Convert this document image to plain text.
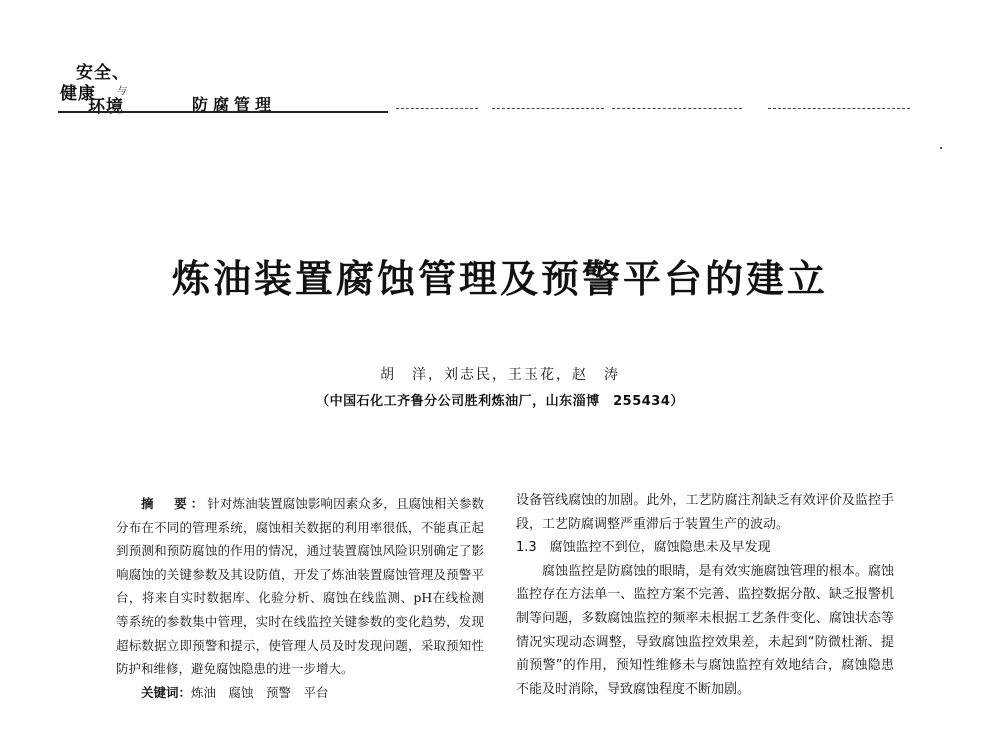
安全、
健康 与
环境	防腐管理
炼油装置腐蚀管理及预警平台的建立
胡　洋，刘志民，王玉花，赵　涛
（中国石化工齐鲁分公司胜利炼油厂，山东淄博　255434）

摘　要：针对炼油装置腐蚀影响因素众多，且腐蚀相关参数分布在不同的管理系统，腐蚀相关数据的利用率很低，不能真正起到预测和预防腐蚀的作用的情况，通过装置腐蚀风险识别确定了影响腐蚀的关键参数及其设防值，开发了炼油装置腐蚀管理及预警平台，将来自实时数据库、化验分析、腐蚀在线监测、pH在线检测等系统的参数集中管理，实时在线监控关键参数的变化趋势，发现超标数据立即预警和提示，使管理人员及时发现问题，采取预知性防护和维修，避免腐蚀隐患的进一步增大。

关键词：炼油　腐蚀　预警　平台

设备管线腐蚀的加剧。此外，工艺防腐注剂缺乏有效评价及监控手段，工艺防腐调整严重滞后于装置生产的波动。

1.3　腐蚀监控不到位，腐蚀隐患未及早发现

腐蚀监控是防腐蚀的眼睛，是有效实施腐蚀管理的根本。腐蚀监控存在方法单一、监控方案不完善、监控数据分散、缺乏报警机制等问题，多数腐蚀监控的频率未根据工艺条件变化、腐蚀状态等情况实现动态调整，导致腐蚀监控效果差，未起到“防微杜渐、提前预警”的作用，预知性维修未与腐蚀监控有效地结合，腐蚀隐患不能及时消除，导致腐蚀程度不断加剧。
